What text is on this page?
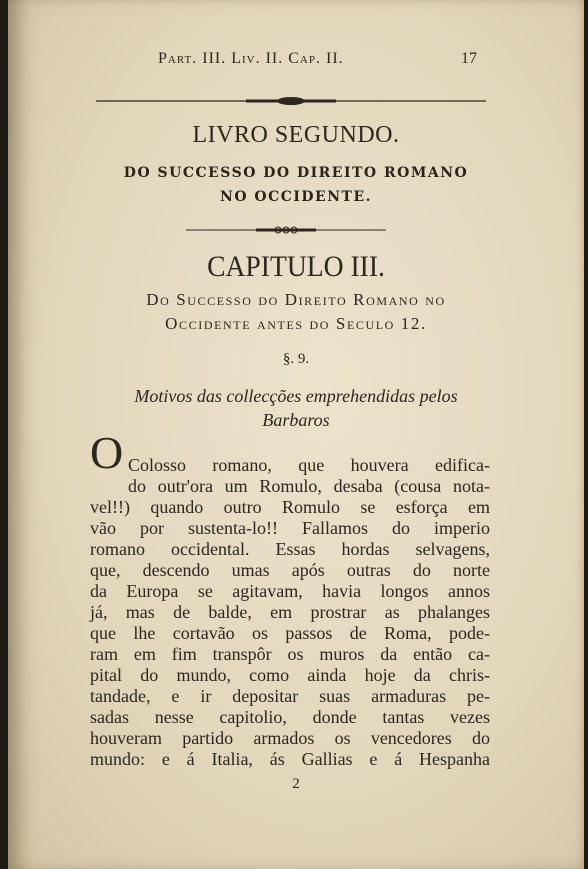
Part. III. Liv. II. Cap. II.	17
LIVRO SEGUNDO.
DO SUCCESSO DO DIREITO ROMANO
NO OCCIDENTE.
CAPITULO III.
Do Successo do Direito Romano no
Occidente antes do Seculo 12.
§. 9.
Motivos das collecções emprehendidas pelos
Barbaros
O Colosso romano, que houvera edifica-
do outr'ora um Romulo, desaba (cousa nota-
vel!!) quando outro Romulo se esforça em
vão por sustenta-lo!! Fallamos do imperio
romano occidental. Essas hordas selvagens,
que, descendo umas após outras do norte
da Europa se agitavam, havia longos annos
já, mas de balde, em prostrar as phalanges
que lhe cortavão os passos de Roma, pode-
ram em fim transpôr os muros da então ca-
pital do mundo, como ainda hoje da chris-
tandade, e ir depositar suas armaduras pe-
sadas nesse capitolio, donde tantas vezes
houveram partido armados os vencedores do
mundo: e á Italia, ás Gallias e á Hespanha
2
